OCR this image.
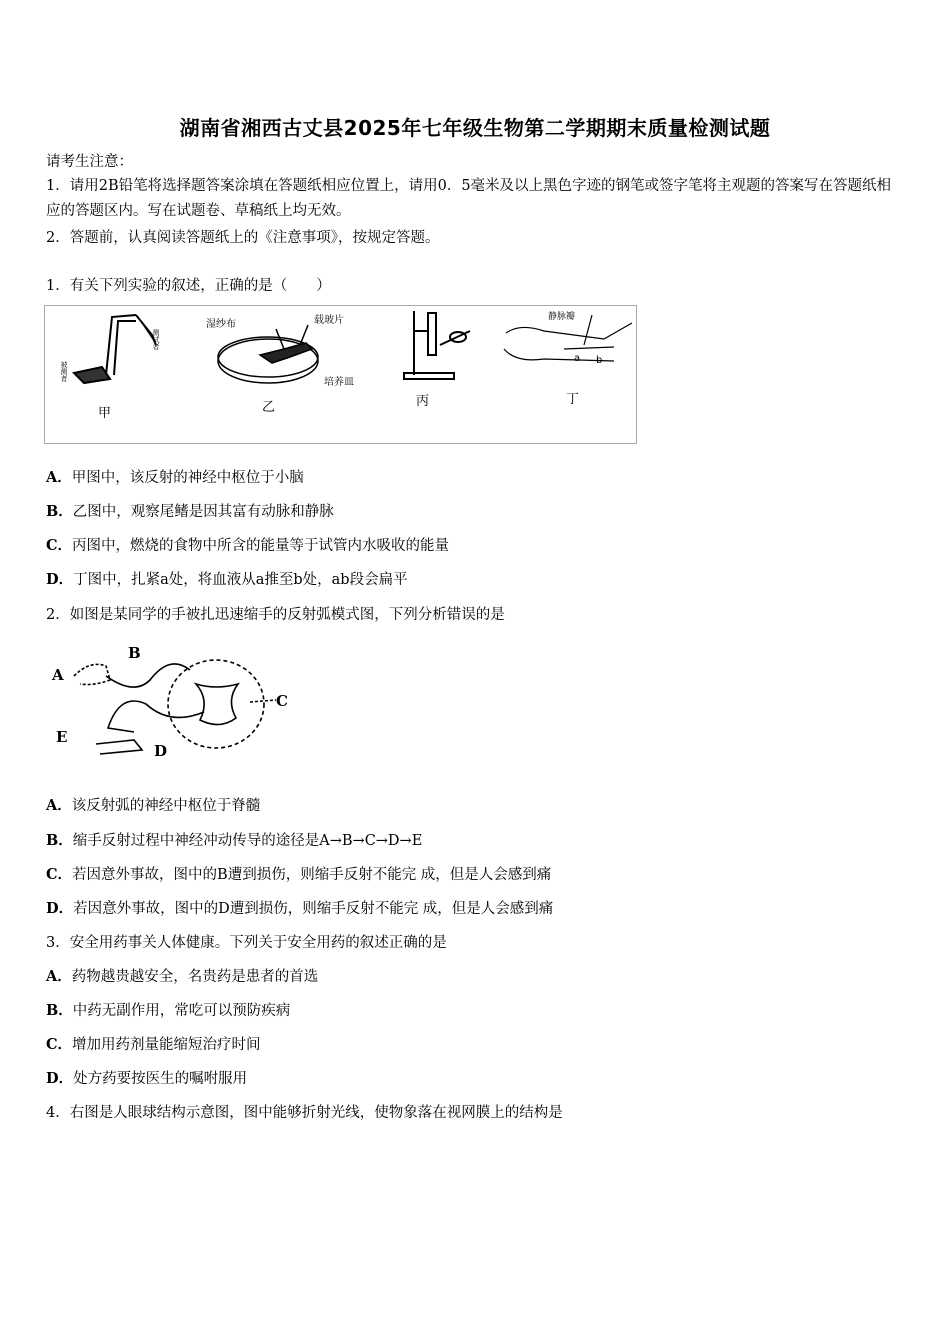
湖南省湘西古丈县2025年七年级生物第二学期期末质量检测试题
请考生注意：
1．请用2B铅笔将选择题答案涂填在答题纸相应位置上，请用0．5毫米及以上黑色字迹的钢笔或签字笔将主观题的答案写在答题纸相应的答题区内。写在试题卷、草稿纸上均无效。
2．答题前，认真阅读答题纸上的《注意事项》，按规定答题。
1．有关下列实验的叙述，正确的是（　　）
测试者
被测者
甲
湿纱布	载玻片
培养皿
乙	丙
静脉瓣
a b
丁
A．甲图中，该反射的神经中枢位于小脑
B．乙图中，观察尾鳍是因其富有动脉和静脉
C．丙图中，燃烧的食物中所含的能量等于试管内水吸收的能量
D．丁图中，扎紧a处，将血液从a推至b处，ab段会扁平
2．如图是某同学的手被扎迅速缩手的反射弧模式图，下列分析错误的是
A
B
C
D
E
A．该反射弧的神经中枢位于脊髓
B．缩手反射过程中神经冲动传导的途径是A→B→C→D→E
C．若因意外事故，图中的B遭到损伤，则缩手反射不能完 成，但是人会感到痛
D．若因意外事故，图中的D遭到损伤，则缩手反射不能完 成，但是人会感到痛
3．安全用药事关人体健康。下列关于安全用药的叙述正确的是
A．药物越贵越安全，名贵药是患者的首选
B．中药无副作用，常吃可以预防疾病
C．增加用药剂量能缩短治疗时间
D．处方药要按医生的嘱咐服用
4．右图是人眼球结构示意图，图中能够折射光线，使物象落在视网膜上的结构是
